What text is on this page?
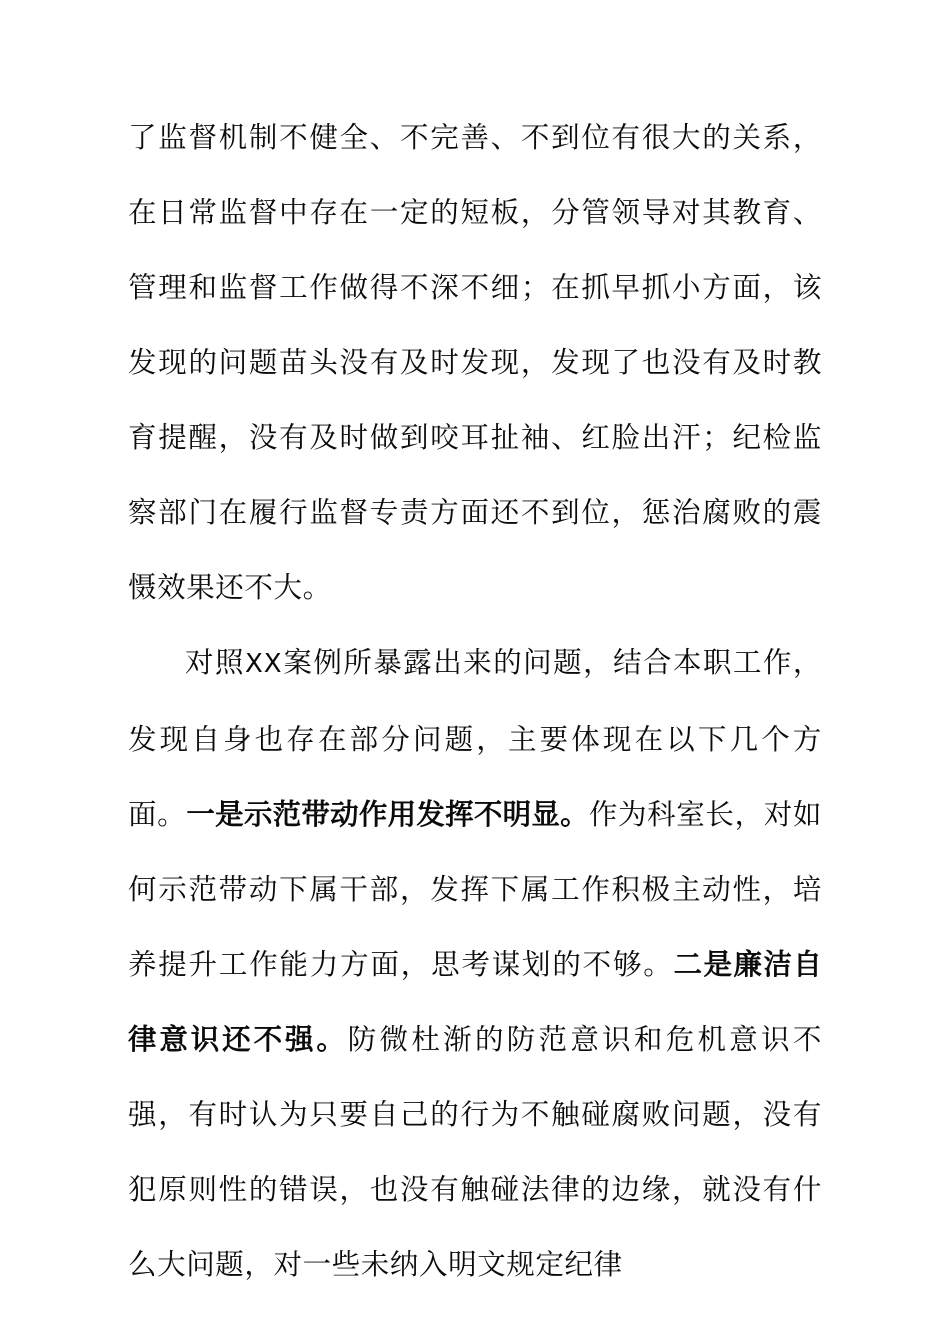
了监督机制不健全、不完善、不到位有很大的关系，在日常监督中存在一定的短板，分管领导对其教育、管理和监督工作做得不深不细；在抓早抓小方面，该发现的问题苗头没有及时发现，发现了也没有及时教育提醒，没有及时做到咬耳扯袖、红脸出汗；纪检监察部门在履行监督专责方面还不到位，惩治腐败的震慑效果还不大。

对照XX案例所暴露出来的问题，结合本职工作，发现自身也存在部分问题，主要体现在以下几个方面。一是示范带动作用发挥不明显。作为科室长，对如何示范带动下属干部，发挥下属工作积极主动性，培养提升工作能力方面，思考谋划的不够。二是廉洁自律意识还不强。防微杜渐的防范意识和危机意识不强，有时认为只要自己的行为不触碰腐败问题，没有犯原则性的错误，也没有触碰法律的边缘，就没有什么大问题，对一些未纳入明文规定纪律
